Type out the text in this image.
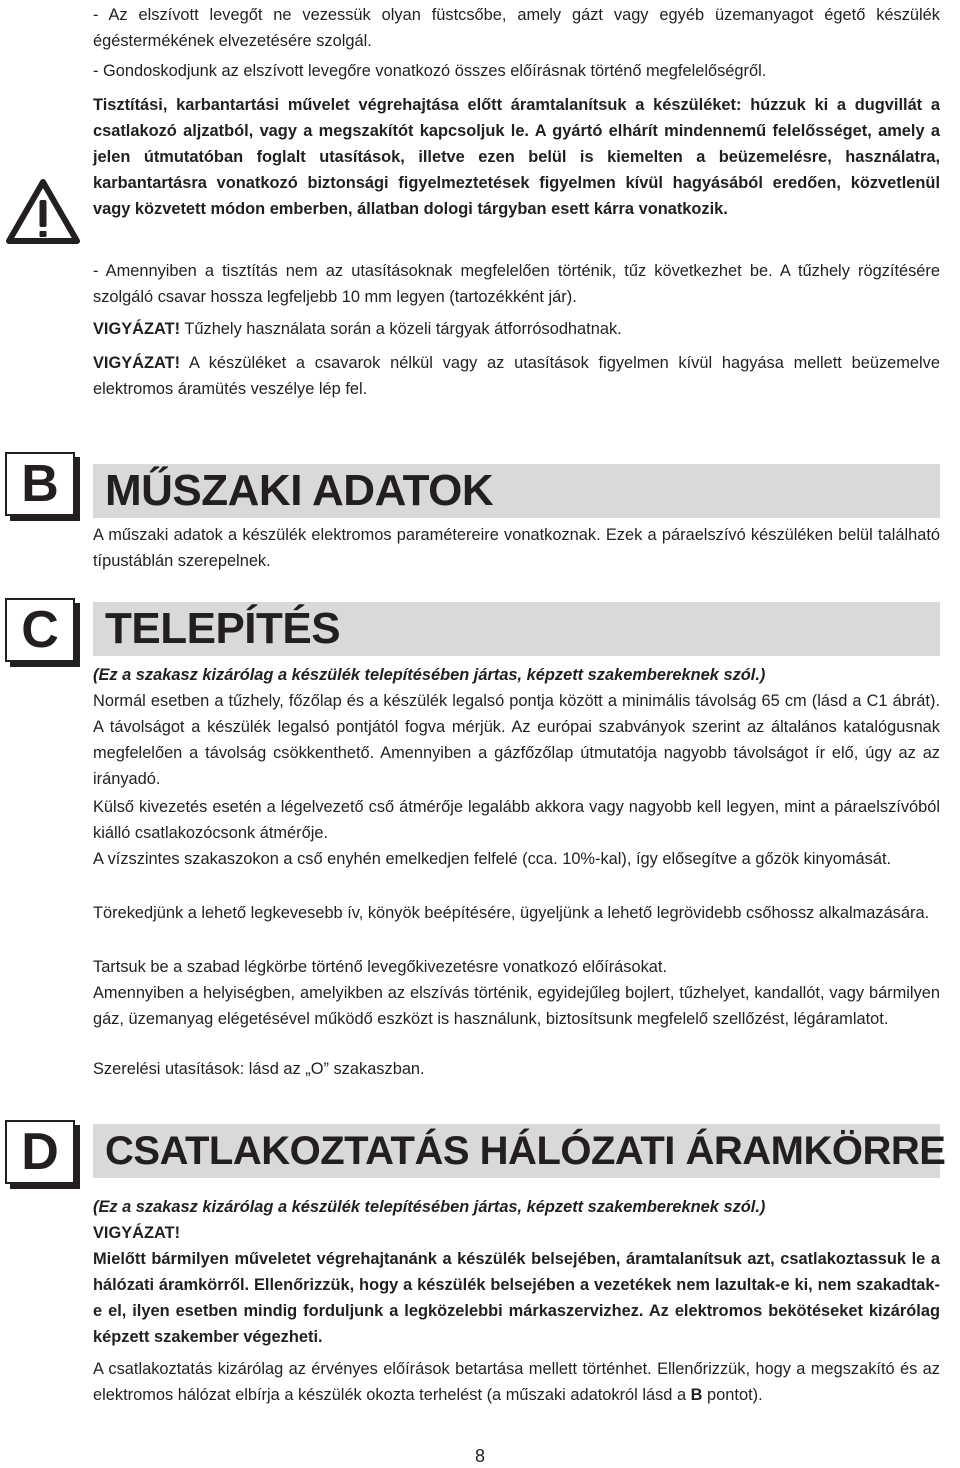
- Az elszívott levegőt ne vezessük olyan füstcsőbe, amely gázt vagy egyéb üzemanyagot égető készülék égéstermékének elvezetésére szolgál.

- Gondoskodjunk az elszívott levegőre vonatkozó összes előírásnak történő megfelelőségről.

Tisztítási, karbantartási művelet végrehajtása előtt áramtalanítsuk a készüléket: húzzuk ki a dugvillát a csatlakozó aljzatból, vagy a megszakítót kapcsoljuk le. A gyártó elhárít mindennemű felelősséget, amely a jelen útmutatóban foglalt utasítások, illetve ezen belül is kiemelten a beüzemelésre, használatra, karbantartásra vonatkozó biztonsági figyelmeztetések figyelmen kívül hagyásából eredően, közvetlenül vagy közvetett módon emberben, állatban dologi tárgyban esett kárra vonatkozik.

- Amennyiben a tisztítás nem az utasításoknak megfelelően történik, tűz következhet be. A tűzhely rögzítésére szolgáló csavar hossza legfeljebb 10 mm legyen (tartozékként jár).

VIGYÁZAT! Tűzhely használata során a közeli tárgyak átforrósodhatnak.

VIGYÁZAT! A készüléket a csavarok nélkül vagy az utasítások figyelmen kívül hagyása mellett beüzemelve elektromos áramütés veszélye lép fel.

B	MŰSZAKI ADATOK

A műszaki adatok a készülék elektromos paramétereire vonatkoznak. Ezek a páraelszívó készüléken belül található típustáblán szerepelnek.

C	TELEPÍTÉS

(Ez a szakasz kizárólag a készülék telepítésében jártas, képzett szakembereknek szól.)

Normál esetben a tűzhely, főzőlap és a készülék legalsó pontja között a minimális távolság 65 cm (lásd a C1 ábrát). A távolságot a készülék legalsó pontjától fogva mérjük. Az európai szabványok szerint az általános katalógusnak megfelelően a távolság csökkenthető. Amennyiben a gázfőzőlap útmutatója nagyobb távolságot ír elő, úgy az az irányadó.

Külső kivezetés esetén a légelvezető cső átmérője legalább akkora vagy nagyobb kell legyen, mint a páraelszívóból kiálló csatlakozócsonk átmérője.

A vízszintes szakaszokon a cső enyhén emelkedjen felfelé (cca. 10%-kal), így elősegítve a gőzök kinyomását.

Törekedjünk a lehető legkevesebb ív, könyök beépítésére, ügyeljünk a lehető legrövidebb csőhossz alkalmazására.

Tartsuk be a szabad légkörbe történő levegőkivezetésre vonatkozó előírásokat.

Amennyiben a helyiségben, amelyikben az elszívás történik, egyidejűleg bojlert, tűzhelyet, kandallót, vagy bármilyen gáz, üzemanyag elégetésével működő eszközt is használunk, biztosítsunk megfelelő szellőzést, légáramlatot.

Szerelési utasítások: lásd az „O” szakaszban.

D	CSATLAKOZTATÁS HÁLÓZATI ÁRAMKÖRRE

(Ez a szakasz kizárólag a készülék telepítésében jártas, képzett szakembereknek szól.)

VIGYÁZAT!

Mielőtt bármilyen műveletet végrehajtanánk a készülék belsejében, áramtalanítsuk azt, csatlakoztassuk le a hálózati áramkörről. Ellenőrizzük, hogy a készülék belsejében a vezetékek nem lazultak-e ki, nem szakadtak-e el, ilyen esetben mindig forduljunk a legközelebbi márkaszervizhez. Az elektromos bekötéseket kizárólag képzett szakember végezheti.

A csatlakoztatás kizárólag az érvényes előírások betartása mellett történhet. Ellenőrizzük, hogy a megszakító és az elektromos hálózat elbírja a készülék okozta terhelést (a műszaki adatokról lásd a B pontot).

8
